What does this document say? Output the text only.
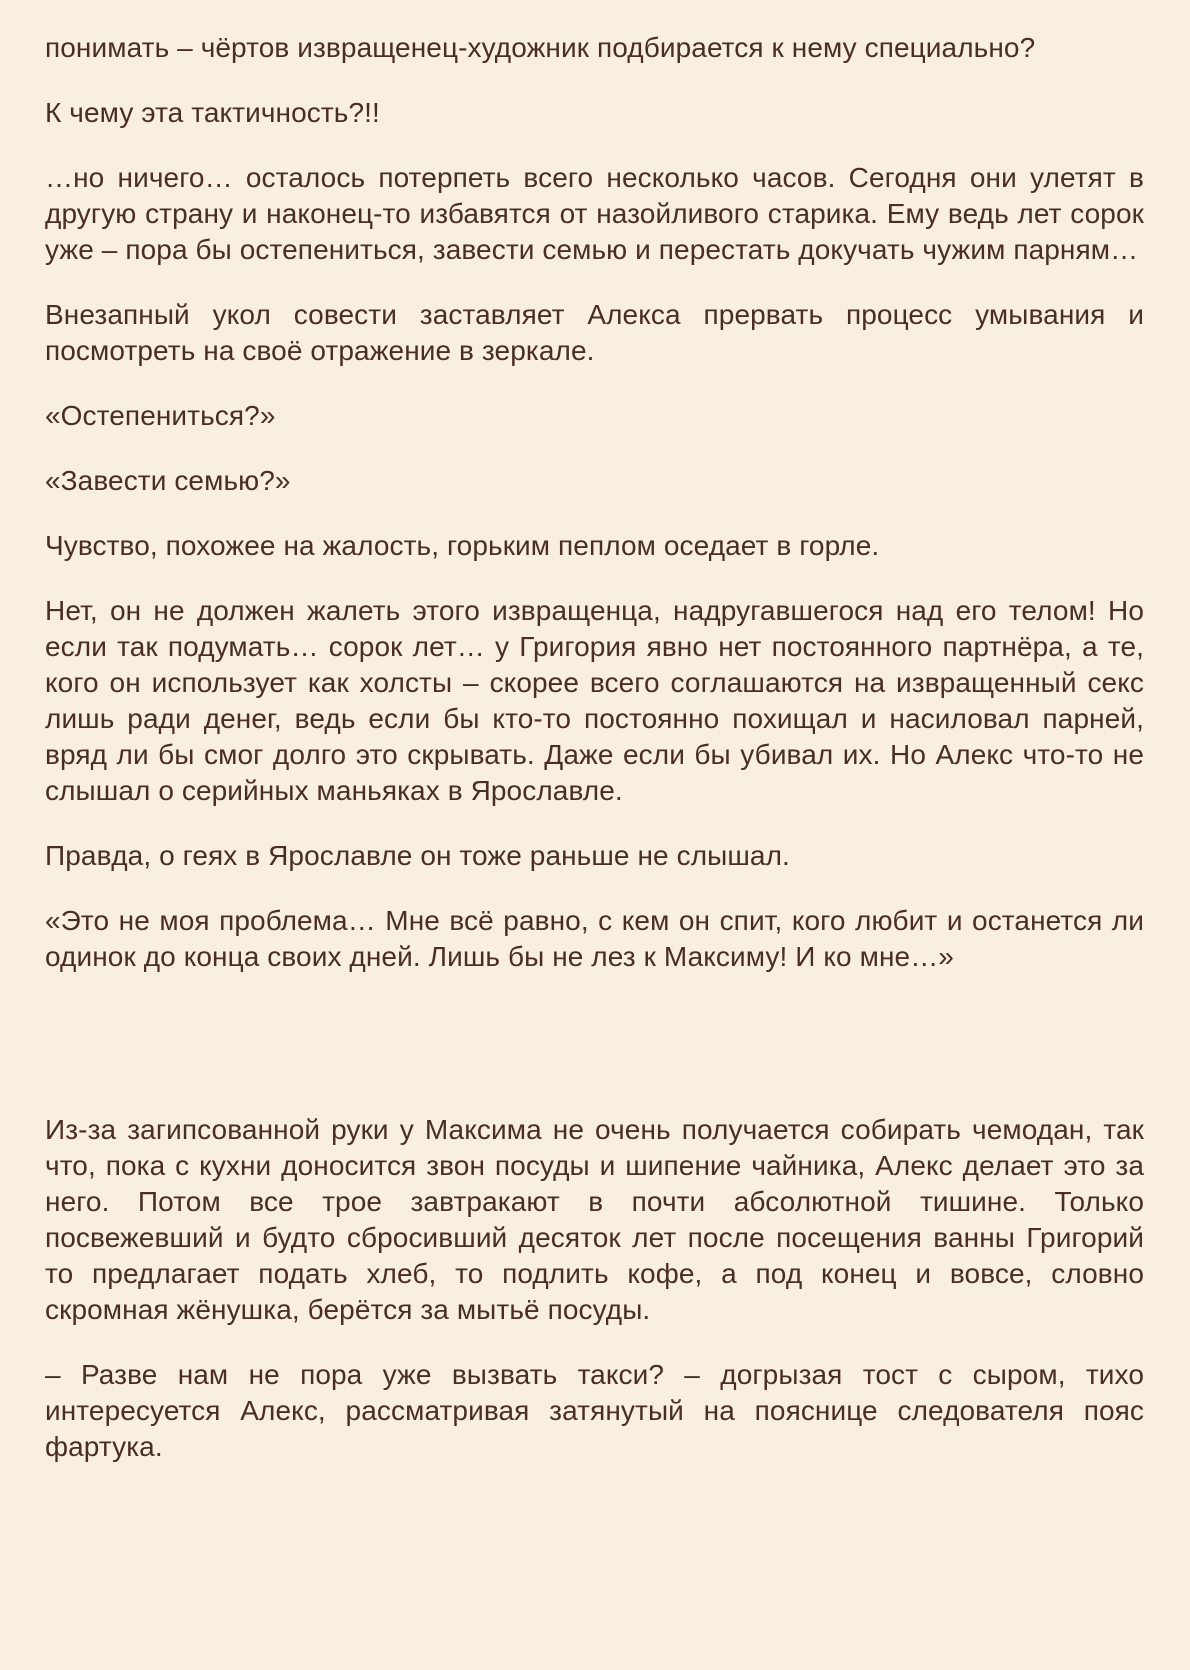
понимать – чёртов извращенец-художник подбирается к нему специально?

К чему эта тактичность?!!

…но ничего… осталось потерпеть всего несколько часов. Сегодня они улетят в другую страну и наконец-то избавятся от назойливого старика. Ему ведь лет сорок уже – пора бы остепениться, завести семью и перестать докучать чужим парням…

Внезапный укол совести заставляет Алекса прервать процесс умывания и посмотреть на своё отражение в зеркале.

«Остепениться?»

«Завести семью?»

Чувство, похожее на жалость, горьким пеплом оседает в горле.

Нет, он не должен жалеть этого извращенца, надругавшегося над его телом! Но если так подумать… сорок лет… у Григория явно нет постоянного партнёра, а те, кого он использует как холсты – скорее всего соглашаются на извращенный секс лишь ради денег, ведь если бы кто-то постоянно похищал и насиловал парней, вряд ли бы смог долго это скрывать. Даже если бы убивал их. Но Алекс что-то не слышал о серийных маньяках в Ярославле.

Правда, о геях в Ярославле он тоже раньше не слышал.

«Это не моя проблема… Мне всё равно, с кем он спит, кого любит и останется ли одинок до конца своих дней. Лишь бы не лез к Максиму! И ко мне…»

Из-за загипсованной руки у Максима не очень получается собирать чемодан, так что, пока с кухни доносится звон посуды и шипение чайника, Алекс делает это за него. Потом все трое завтракают в почти абсолютной тишине. Только посвежевший и будто сбросивший десяток лет после посещения ванны Григорий то предлагает подать хлеб, то подлить кофе, а под конец и вовсе, словно скромная жёнушка, берётся за мытьё посуды.

– Разве нам не пора уже вызвать такси? – догрызая тост с сыром, тихо интересуется Алекс, рассматривая затянутый на пояснице следователя пояс фартука.
